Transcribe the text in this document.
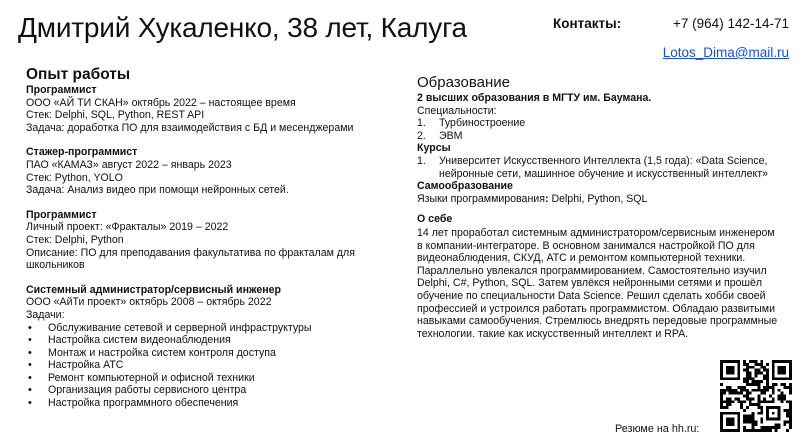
Дмитрий Хукаленко, 38 лет, Калуга	Контакты:	+7 (964) 142-14-71
Lotos_Dima@mail.ru
Опыт работы
Программист
ООО «АЙ ТИ СКАН» октябрь 2022 – настоящее время
Стек: Delphi, SQL, Python, REST API
Задача: доработка ПО для взаимодействия с БД и месенджерами
Стажер-программист
ПАО «КАМАЗ» август 2022 – январь 2023
Стек: Python, YOLO
Задача: Анализ видео при помощи нейронных сетей.
Программист
Личный проект: «Фракталы» 2019 – 2022
Стек: Delphi, Python
Описание: ПО для преподавания факультатива по фракталам для школьников
Системный администратор/сервисный инженер
ООО «АйТи проект» октябрь 2008 – октябрь 2022
Задачи:
• Обслуживание сетевой и серверной инфраструктуры
• Настройка систем видеонаблюдения
• Монтаж и настройка систем контроля доступа
• Настройка АТС
• Ремонт компьютерной и офисной техники
• Организация работы сервисного центра
• Настройка программного обеспечения
Образование
2 высших образования в МГТУ им. Баумана.
Специальности:
1.	Турбиностроение
2.	ЭВМ
Курсы
1.	Университет Искусственного Интеллекта (1,5 года): «Data Science, нейронные сети, машинное обучение и искусственный интеллект»
Самообразование
Языки программирования: Delphi, Python, SQL
О себе
14 лет проработал системным администратором/сервисным инженером в компании-интеграторе. В основном занимался настройкой ПО для видеонаблюдения, СКУД, АТС и ремонтом компьютерной техники. Параллельно увлекался программированием. Самостоятельно изучил Delphi, C#, Python, SQL. Затем увлёкся нейронными сетями и прошёл обучение по специальности Data Science. Решил сделать хобби своей профессией и устроился работать программистом. Обладаю развитыми навыками самообучения. Стремлюсь внедрять передовые программные технологии. такие как искусственный интеллект и RPA.
Резюме на hh.ru:
